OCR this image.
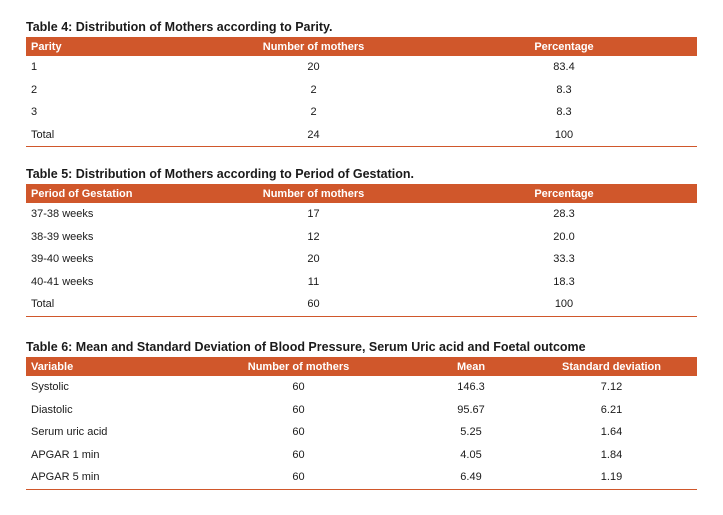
Table 4: Distribution of Mothers according to Parity.
Parity	Number of mothers	Percentage
1	20	83.4
2	2	8.3
3	2	8.3
Total	24	100
Table 5: Distribution of Mothers according to Period of Gestation.
Period of Gestation	Number of mothers	Percentage
37-38 weeks	17	28.3
38-39 weeks	12	20.0
39-40 weeks	20	33.3
40-41 weeks	11	18.3
Total	60	100
Table 6: Mean and Standard Deviation of Blood Pressure, Serum Uric acid and Foetal outcome
Variable	Number of mothers	Mean	Standard deviation
Systolic	60	146.3	7.12
Diastolic	60	95.67	6.21
Serum uric acid	60	5.25	1.64
APGAR 1 min	60	4.05	1.84
APGAR 5 min	60	6.49	1.19
